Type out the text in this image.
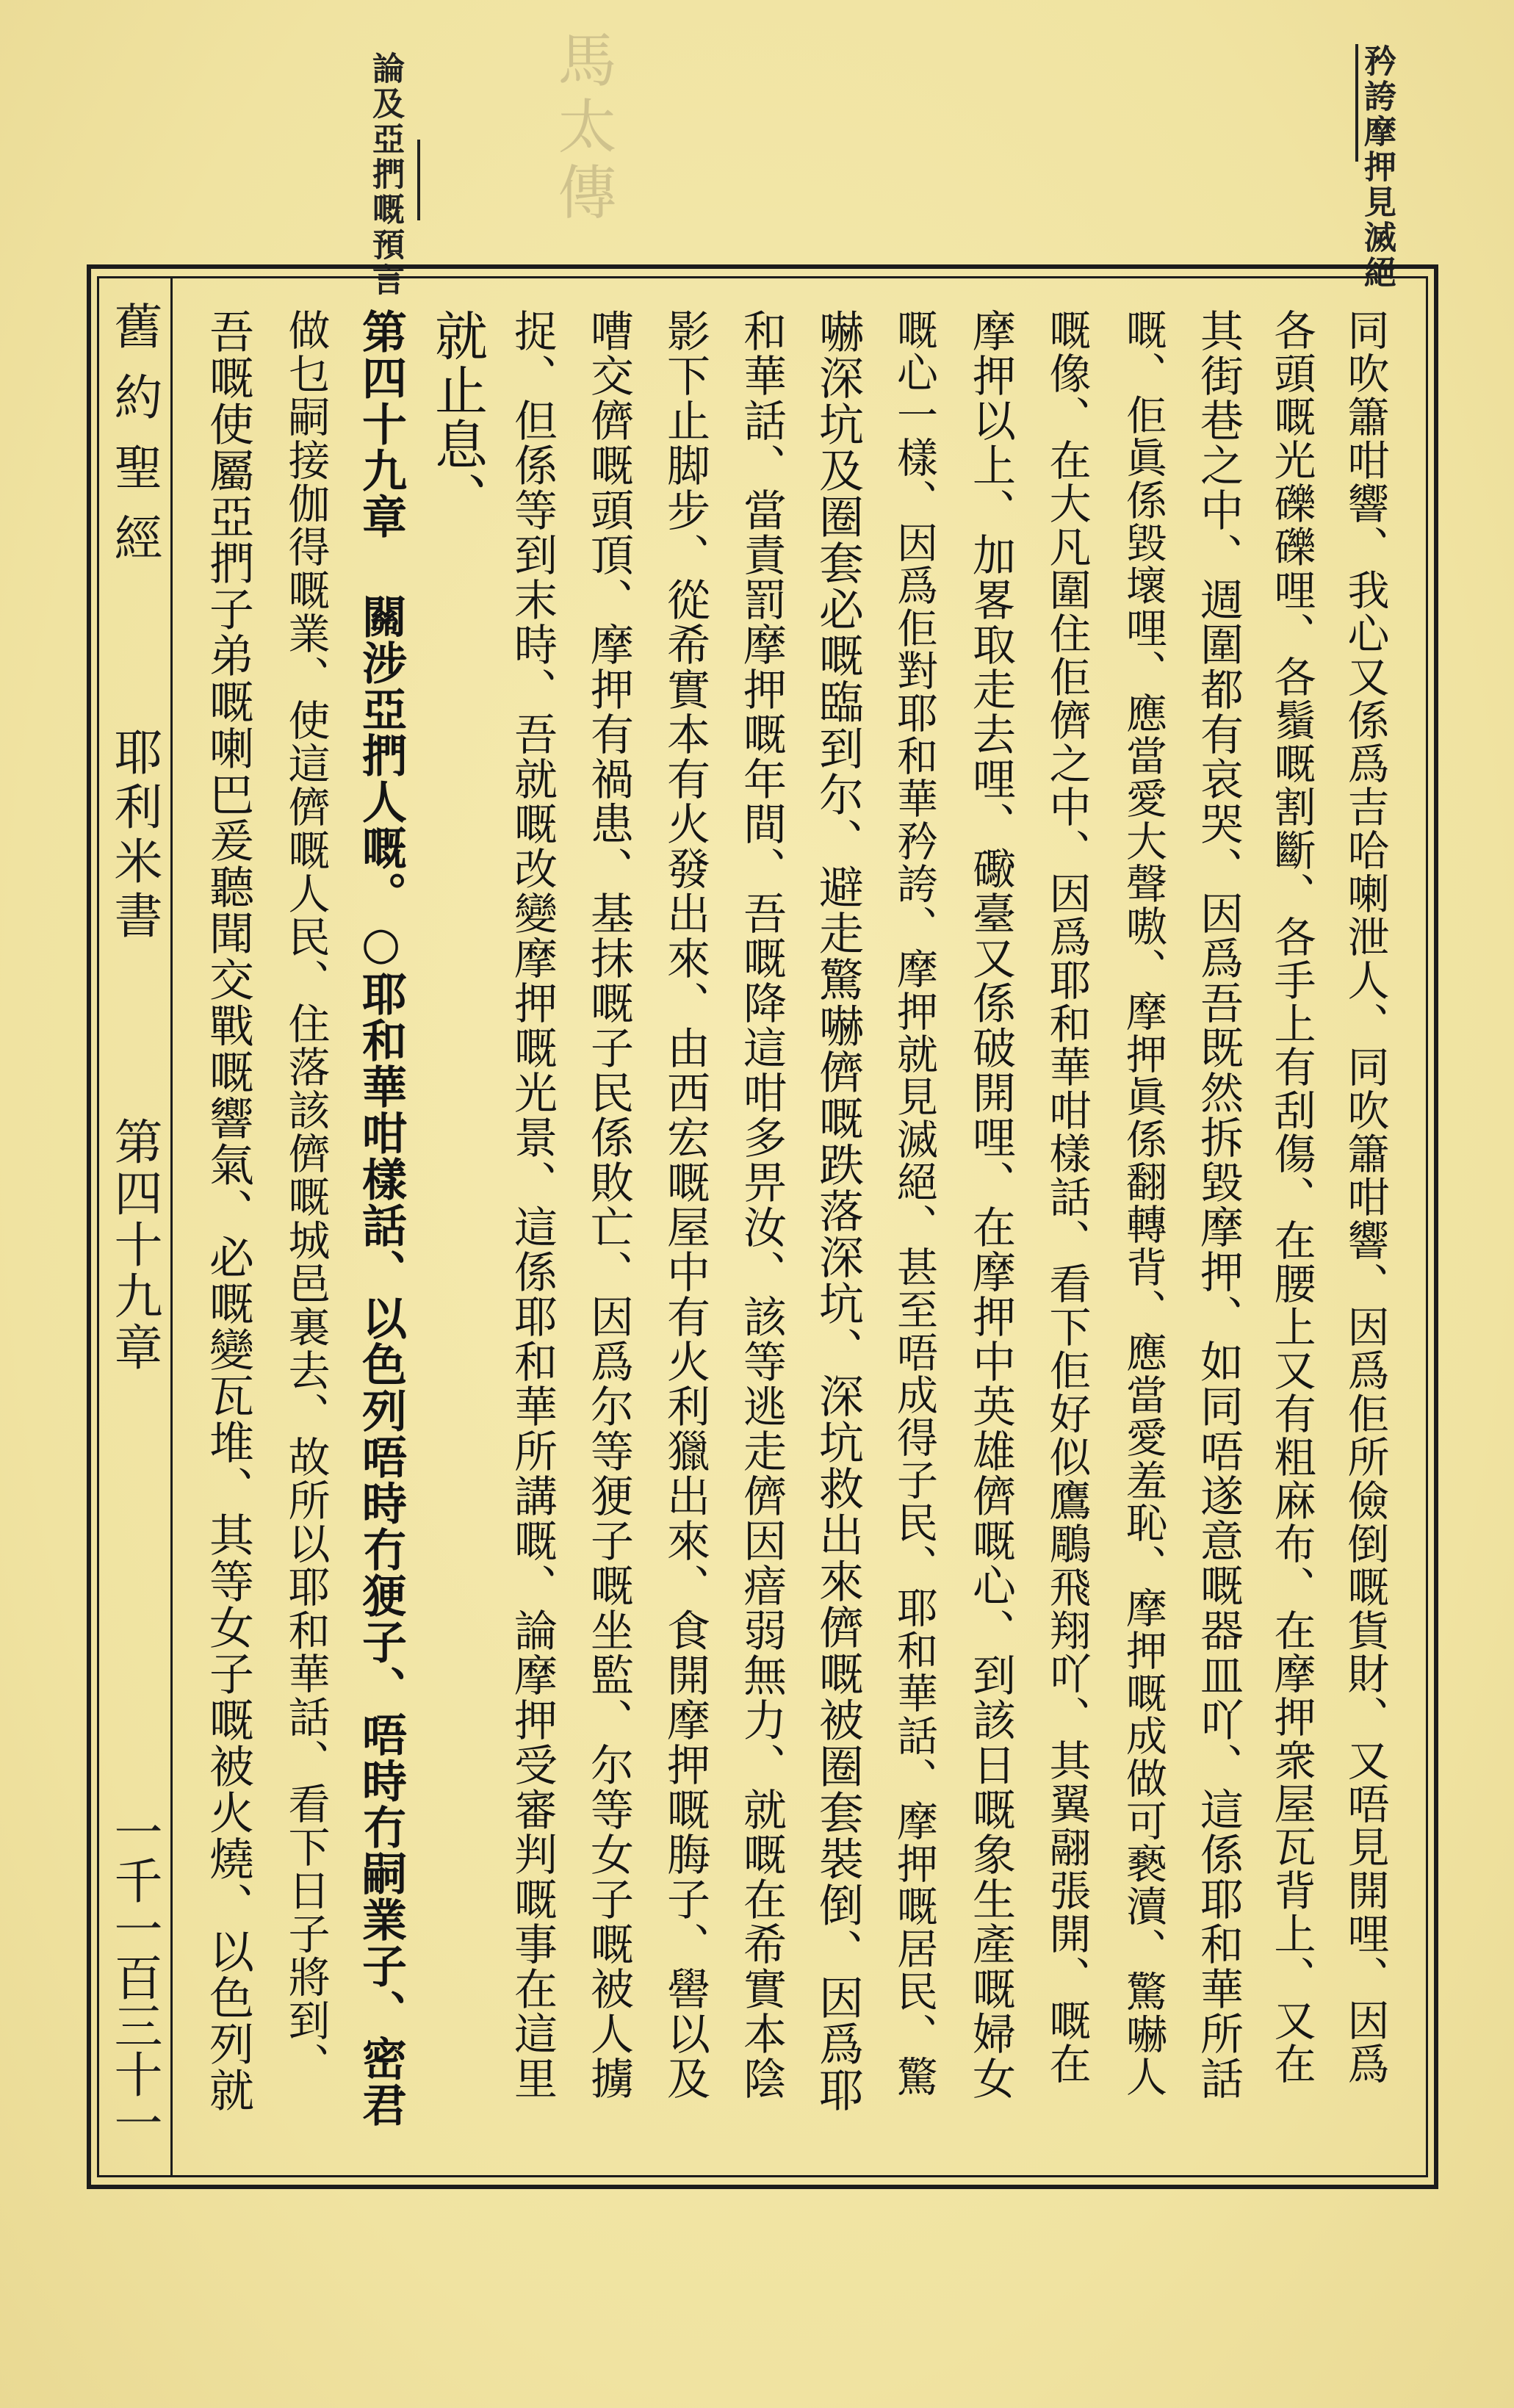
馬太傳	矜誇摩押見滅絕
論及亞捫嘅預言
舊約聖經
耶利米書
第四十九章
一千一百三十一	同吹簫咁響、我心又係爲吉哈喇泄人、同吹簫咁響、因爲佢所儉倒嘅貨財、又唔見開哩、因爲
各頭嘅光礫礫哩、各鬚嘅割斷、各手上有刮傷、在腰上又有粗麻布、在摩押衆屋瓦背上、又在
其街巷之中、週圍都有哀哭、因爲吾既然拆毀摩押、如同唔遂意嘅器皿吖、這係耶和華所話
嘅、佢眞係毀壞哩、應當愛大聲嗷、摩押眞係翻轉背、應當愛羞恥、摩押嘅成做可褻瀆、驚嚇人
嘅像、在大凡圍住佢儕之中、因爲耶和華咁樣話、看下佢好似鷹鵰飛翔吖、其翼翮張開、嘅在
摩押以上、加畧取走去哩、礮臺又係破開哩、在摩押中英雄儕嘅心、到該日嘅象生產嘅婦女
嘅心一樣、因爲佢對耶和華矜誇、摩押就見滅絕、甚至唔成得子民、耶和華話、摩押嘅居民、驚
嚇深坑及圈套必嘅臨到尔、避走驚嚇儕嘅跌落深坑、深坑救出來儕嘅被圈套裝倒、因爲耶
和華話、當責罰摩押嘅年間、吾嘅降這咁多畀汝、該等逃走儕因瘖弱無力、就嘅在希實本陰
影下止脚步、從希實本有火發出來、由西宏嘅屋中有火利獵出來、食開摩押嘅脢子、嚳以及
嘈交儕嘅頭頂、摩押有禍患、基抹嘅子民係敗亡、因爲尔等㹴子嘅坐監、尔等女子嘅被人擄
捉、但係等到末時、吾就嘅改變摩押嘅光景、這係耶和華所講嘅、論摩押受審判嘅事在這里
就止息、
第四十九章 關涉亞捫人嘅。○耶和華咁樣話、以色列唔時冇㹴子、唔時冇嗣業子、密君
做乜嗣接伽得嘅業、使這儕嘅人民、住落該儕嘅城邑裏去、故所以耶和華話、看下日子將到、
吾嘅使屬亞捫子弟嘅喇巴爰聽聞交戰嘅響氣、必嘅變瓦堆、其等女子嘅被火燒、以色列就
